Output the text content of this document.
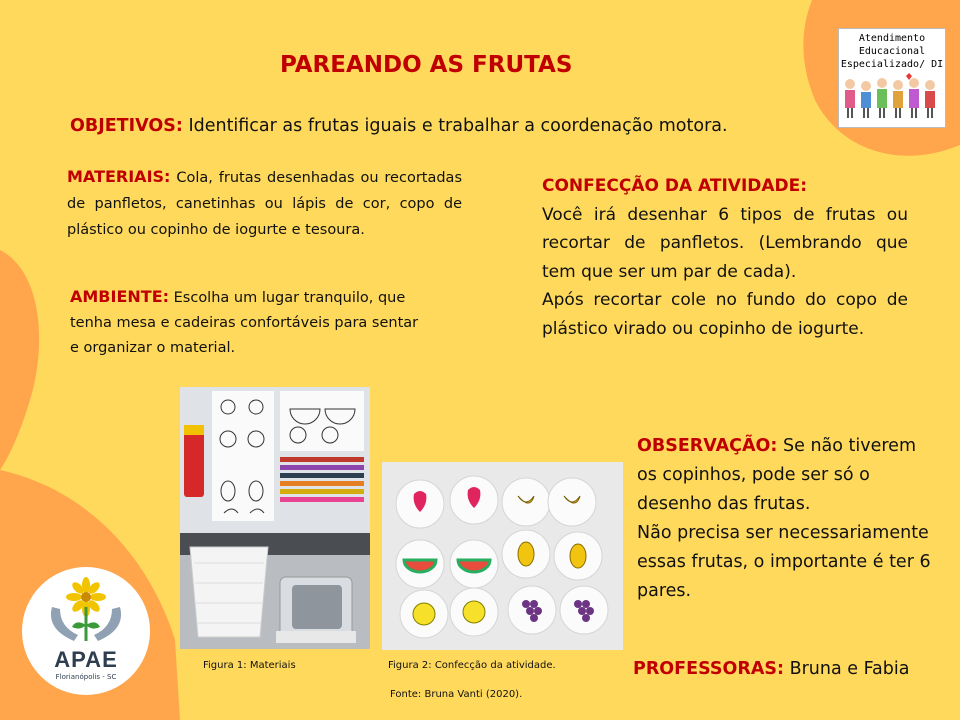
PAREANDO AS FRUTAS
Atendimento
Educacional
Especializado/ DI
OBJETIVOS: Identificar as frutas iguais e trabalhar a coordenação motora.
MATERIAIS: Cola, frutas desenhadas ou recortadas de panfletos, canetinhas ou lápis de cor, copo de plástico ou copinho de iogurte e tesoura.
AMBIENTE: Escolha um lugar tranquilo, que tenha mesa e cadeiras confortáveis para sentar e organizar o material.
CONFECÇÃO DA ATIVIDADE:
Você irá desenhar 6 tipos de frutas ou recortar de panfletos. (Lembrando que tem que ser um par de cada).
Após recortar cole no fundo do copo de plástico virado ou copinho de iogurte.
OBSERVAÇÃO: Se não tiverem os copinhos, pode ser só o desenho das frutas.
Não precisa ser necessariamente essas frutas, o importante é ter 6 pares.
PROFESSORAS: Bruna e Fabia
Figura 1: Materiais	Figura 2: Confecção da atividade.
Fonte: Bruna Vanti (2020).
APAE
Florianópolis - SC
